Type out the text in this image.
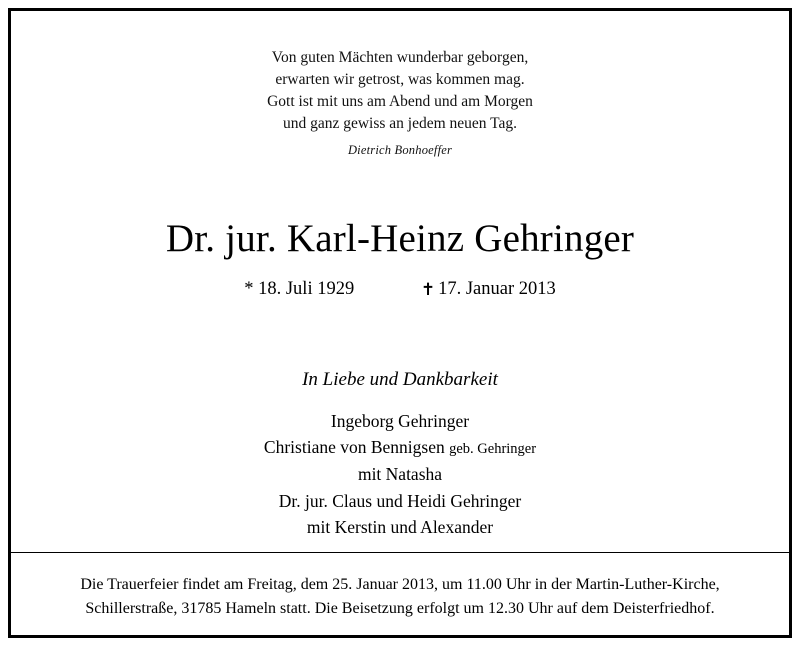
Von guten Mächten wunderbar geborgen,
erwarten wir getrost, was kommen mag.
Gott ist mit uns am Abend und am Morgen
und ganz gewiss an jedem neuen Tag.
Dietrich Bonhoeffer
Dr. jur. Karl-Heinz Gehringer
* 18. Juli 1929	✝ 17. Januar 2013
In Liebe und Dankbarkeit
Ingeborg Gehringer
Christiane von Bennigsen geb. Gehringer
mit Natasha
Dr. jur. Claus und Heidi Gehringer
mit Kerstin und Alexander
Die Trauerfeier findet am Freitag, dem 25. Januar 2013, um 11.00 Uhr in der Martin-Luther-Kirche,
Schillerstraße, 31785 Hameln statt. Die Beisetzung erfolgt um 12.30 Uhr auf dem Deisterfriedhof.
